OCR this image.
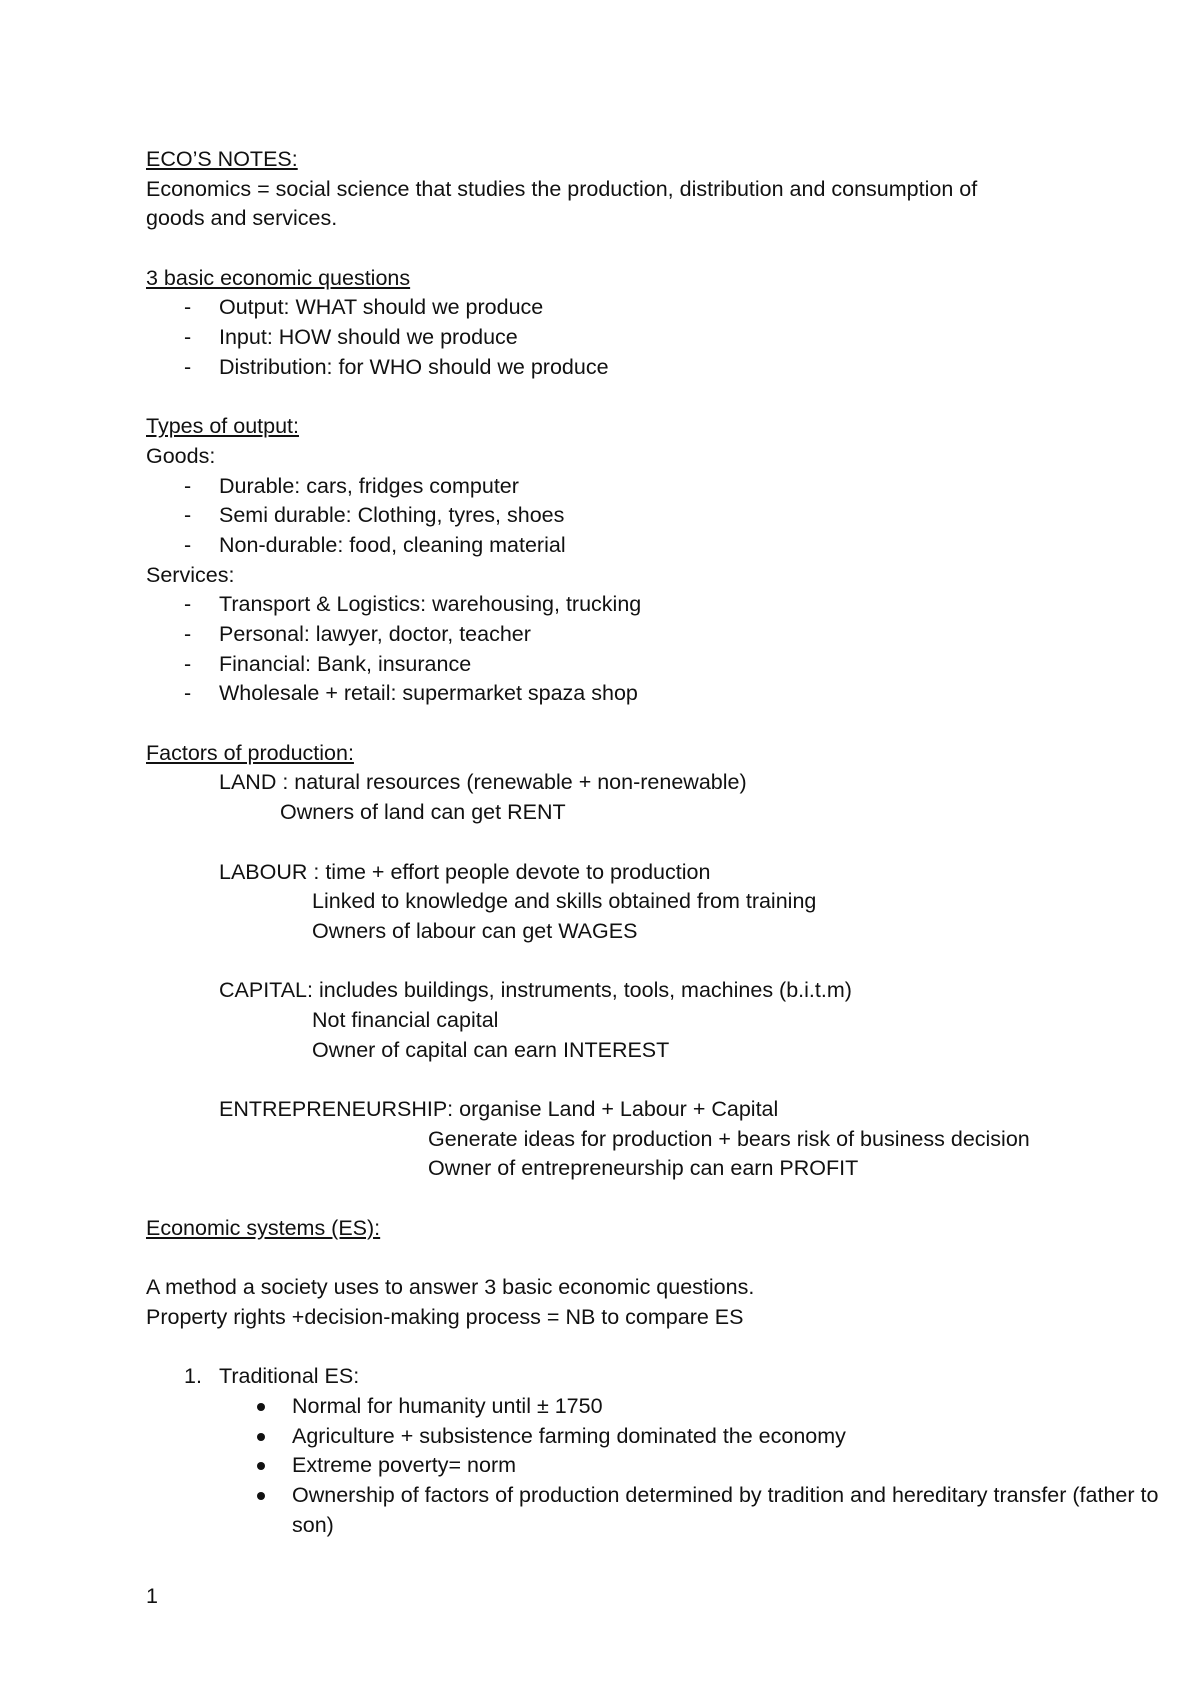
ECO’S NOTES:
Economics = social science that studies the production, distribution and consumption of
goods and services.
3 basic economic questions
- Output: WHAT should we produce
- Input: HOW should we produce
- Distribution: for WHO should we produce
Types of output:
Goods:
- Durable: cars, fridges computer
- Semi durable: Clothing, tyres, shoes
- Non-durable: food, cleaning material
Services:
- Transport & Logistics: warehousing, trucking
- Personal: lawyer, doctor, teacher
- Financial: Bank, insurance
- Wholesale + retail: supermarket spaza shop
Factors of production:
LAND : natural resources (renewable + non-renewable)
Owners of land can get RENT
LABOUR : time + effort people devote to production
Linked to knowledge and skills obtained from training
Owners of labour can get WAGES
CAPITAL: includes buildings, instruments, tools, machines (b.i.t.m)
Not financial capital
Owner of capital can earn INTEREST
ENTREPRENEURSHIP: organise Land + Labour + Capital
Generate ideas for production + bears risk of business decision
Owner of entrepreneurship can earn PROFIT
Economic systems (ES):
A method a society uses to answer 3 basic economic questions.
Property rights +decision-making process = NB to compare ES
1. Traditional ES:
Normal for humanity until ± 1750
Agriculture + subsistence farming dominated the economy
Extreme poverty= norm
Ownership of factors of production determined by tradition and hereditary transfer (father to son)
1
